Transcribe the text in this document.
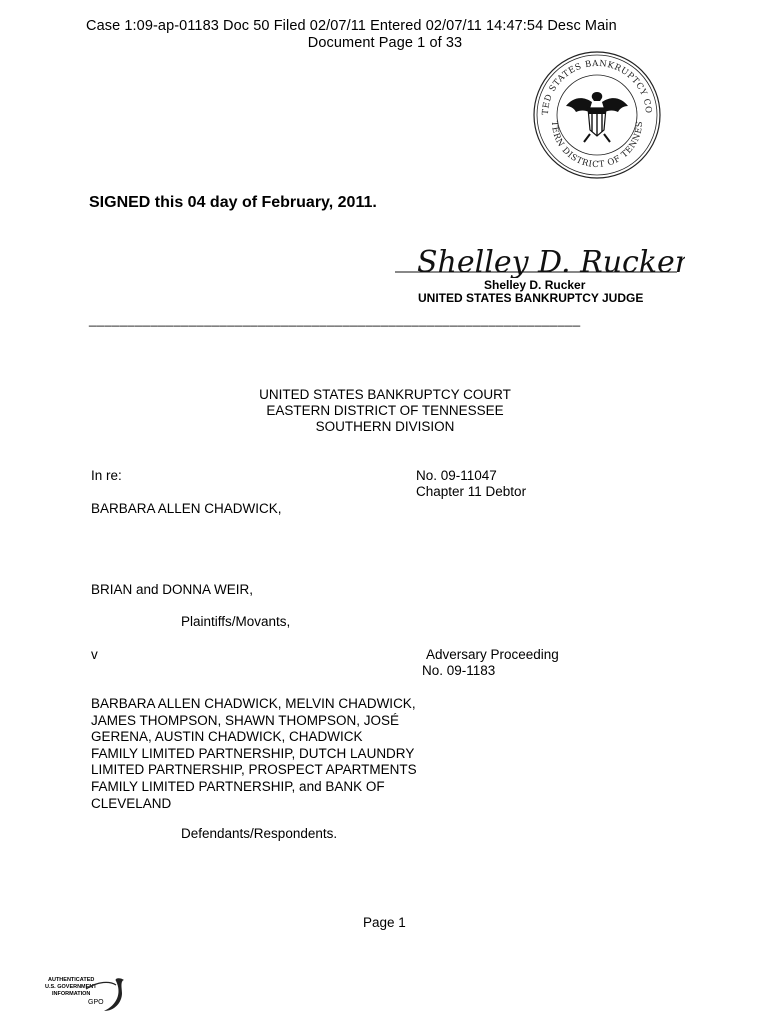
Case 1:09-ap-01183 Doc 50 Filed 02/07/11 Entered 02/07/11 14:47:54 Desc Main
Document Page 1 of 33
TED STATES BANKRUPTCY CO
TERN DISTRICT OF TENNES
SIGNED this 04 day of February, 2011.
Shelley D. Rucker
Shelley D. Rucker
UNITED STATES BANKRUPTCY JUDGE
________________________________________________________________
UNITED STATES BANKRUPTCY COURT
EASTERN DISTRICT OF TENNESSEE
SOUTHERN DIVISION
In re:	No. 09-11047
Chapter 11 Debtor
BARBARA ALLEN CHADWICK,
BRIAN and DONNA WEIR,
Plaintiffs/Movants,
v	Adversary Proceeding
No. 09-1183
BARBARA ALLEN CHADWICK, MELVIN CHADWICK,
JAMES THOMPSON, SHAWN THOMPSON, JOSÉ
GERENA, AUSTIN CHADWICK, CHADWICK
FAMILY LIMITED PARTNERSHIP, DUTCH LAUNDRY
LIMITED PARTNERSHIP, PROSPECT APARTMENTS
FAMILY LIMITED PARTNERSHIP, and BANK OF
CLEVELAND
Defendants/Respondents.
Page 1
AUTHENTICATED
U.S. GOVERNMENT
INFORMATION
GPO
